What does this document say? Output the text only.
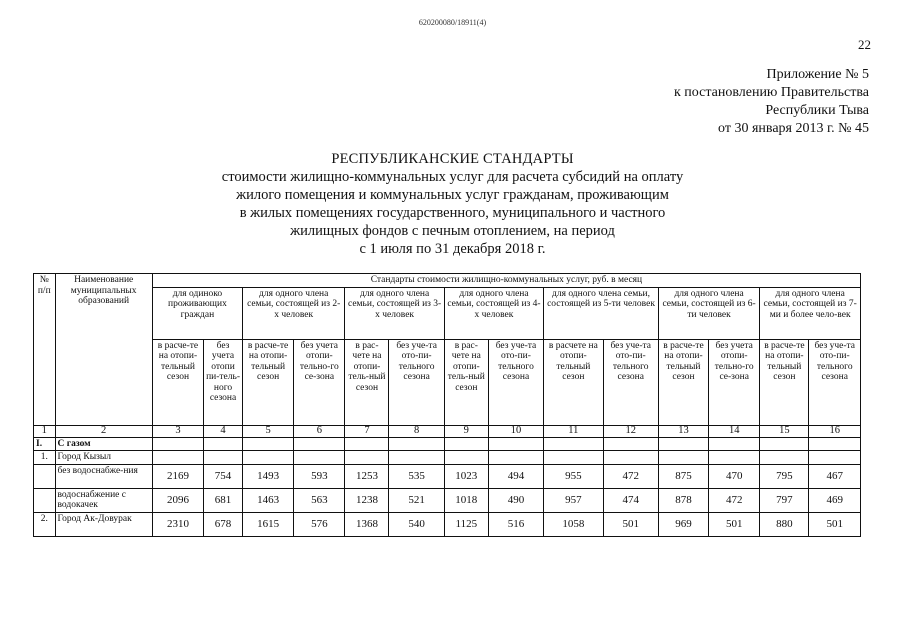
620200080/18911(4)
22
Приложение № 5
к постановлению Правительства
Республики Тыва
от 30 января 2013 г. № 45
РЕСПУБЛИКАНСКИЕ СТАНДАРТЫ
стоимости жилищно-коммунальных услуг для расчета субсидий на оплату
жилого помещения и коммунальных услуг гражданам, проживающим
в жилых помещениях государственного, муниципального и частного
жилищных фондов с печным отоплением, на период
с 1 июля по 31 декабря 2018 г.
№ п/п	Наименование муниципальных образований	Стандарты стоимости жилищно-коммунальных услуг, руб. в месяц													
		для одиноко проживающих граждан		для одного члена семьи, состоящей из 2-х человек		для одного члена семьи, состоящей из 3-х человек		для одного члена семьи, состоящей из 4-х человек		для одного члена семьи, состоящей из 5-ти человек		для одного члена семьи, состоящей из 6-ти человек		для одного члена семьи, состоящей из 7-ми и более чело-век	
		в расче-те на отопи-тельный сезон	без учета отопи пи-тель-ного сезона	в расче-те на отопи-тельный сезон	без учета отопи-тельно-го се-зона	в рас-чете на отопи-тель-ный сезон	без уче-та ото-пи-тельного сезона	в рас-чете на отопи-тель-ный сезон	без уче-та ото-пи-тельного сезона	в расчете на отопи-тельный сезон	без уче-та ото-пи-тельного сезона	в расче-те на отопи-тельный сезон	без учета отопи-тельно-го се-зона	в расче-те на отопи-тельный сезон	без уче-та ото-пи-тельного сезона
1	2	3	4	5	6	7	8	9	10	11	12	13	14	15	16
I.	С газом														
1.	Город Кызыл														
	без водоснабже-ния	2169	754	1493	593	1253	535	1023	494	955	472	875	470	795	467
	водоснабжение с водокачек	2096	681	1463	563	1238	521	1018	490	957	474	878	472	797	469
2.	Город Ак-Довурак	2310	678	1615	576	1368	540	1125	516	1058	501	969	501	880	501
